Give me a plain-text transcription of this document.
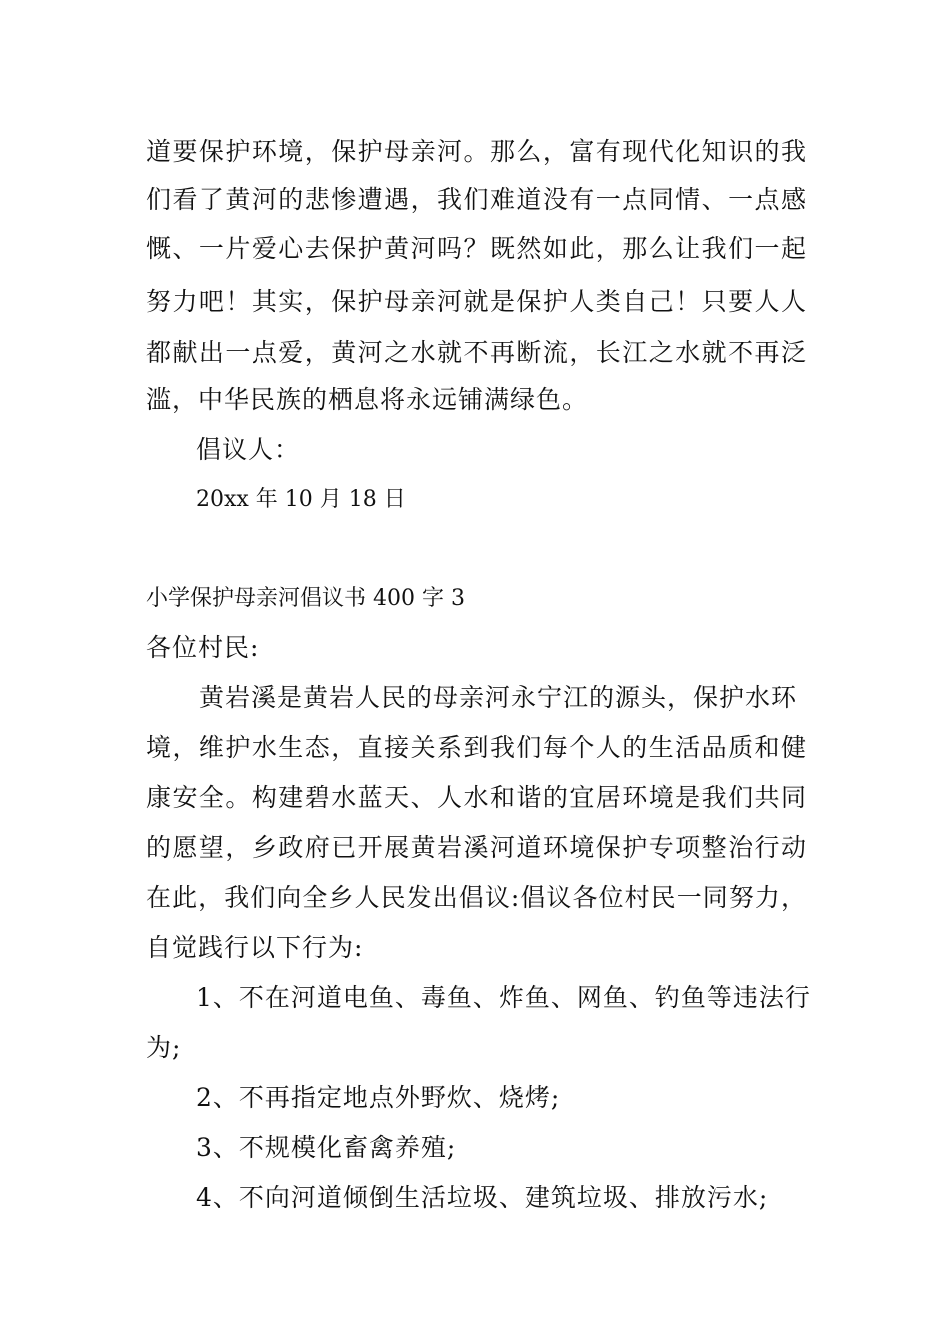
道要保护环境，保护母亲河。那么，富有现代化知识的我
们看了黄河的悲惨遭遇，我们难道没有一点同情、一点感
慨、一片爱心去保护黄河吗？既然如此，那么让我们一起
努力吧！其实，保护母亲河就是保护人类自己！只要人人
都献出一点爱，黄河之水就不再断流，长江之水就不再泛
滥，中华民族的栖息将永远铺满绿色。
倡议人：
20xx 年 10 月 18 日
小学保护母亲河倡议书 400 字 3
各位村民:
黄岩溪是黄岩人民的母亲河永宁江的源头，保护水环
境，维护水生态，直接关系到我们每个人的生活品质和健
康安全。构建碧水蓝天、人水和谐的宜居环境是我们共同
的愿望，乡政府已开展黄岩溪河道环境保护专项整治行动
在此，我们向全乡人民发出倡议:倡议各位村民一同努力，
自觉践行以下行为:
1、不在河道电鱼、毒鱼、炸鱼、网鱼、钓鱼等违法行
为;
2、不再指定地点外野炊、烧烤;
3、不规模化畜禽养殖;
4、不向河道倾倒生活垃圾、建筑垃圾、排放污水;
